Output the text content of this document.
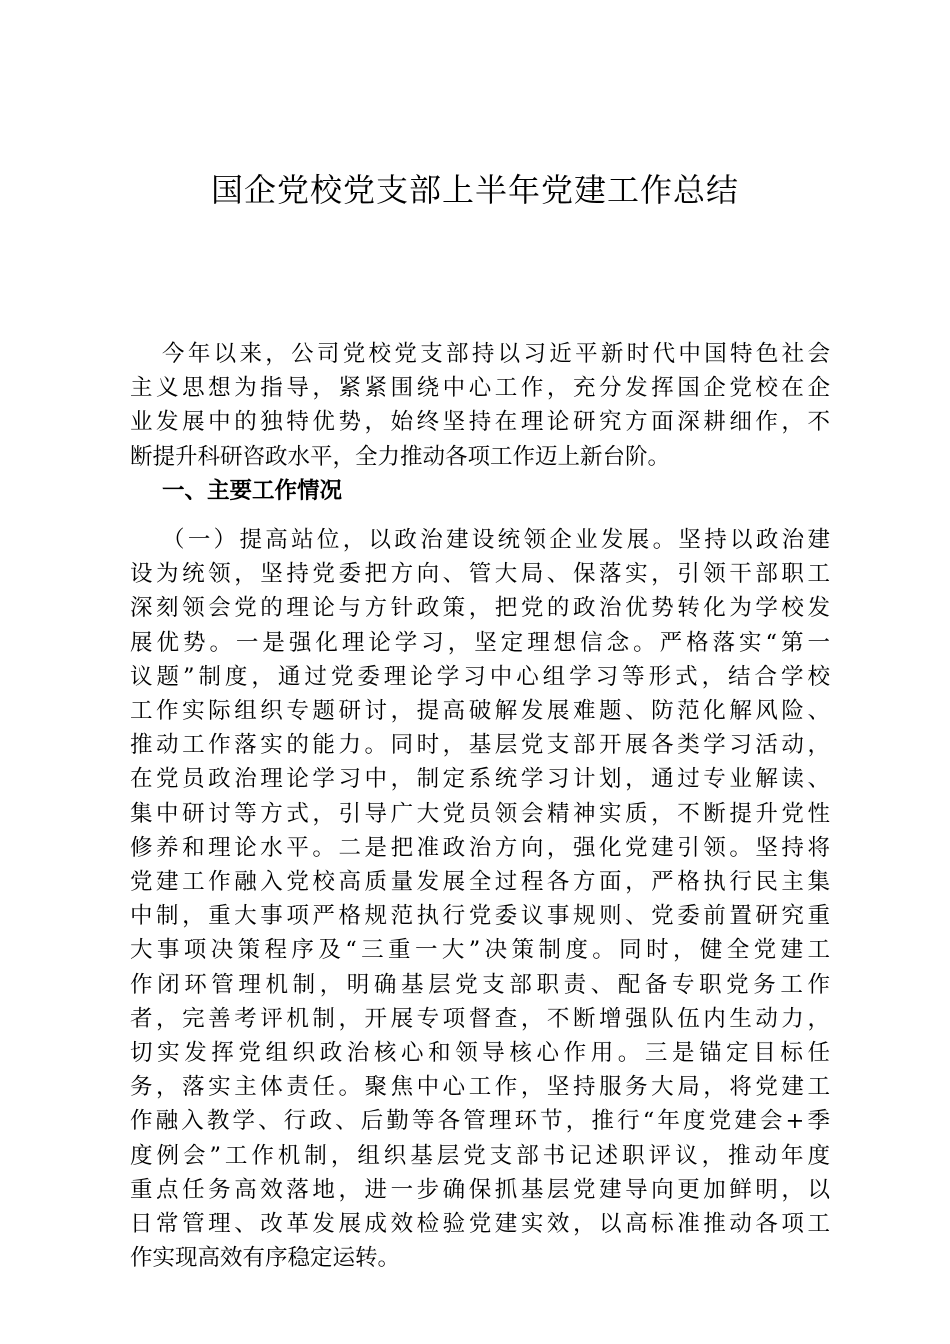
国企党校党支部上半年党建工作总结
今年以来，公司党校党支部持以习近平新时代中国特色社会
主义思想为指导，紧紧围绕中心工作，充分发挥国企党校在企
业发展中的独特优势，始终坚持在理论研究方面深耕细作，不
断提升科研咨政水平，全力推动各项工作迈上新台阶。
一、主要工作情况
（一）提高站位，以政治建设统领企业发展。坚持以政治建
设为统领，坚持党委把方向、管大局、保落实，引领干部职工
深刻领会党的理论与方针政策，把党的政治优势转化为学校发
展优势。一是强化理论学习，坚定理想信念。严格落实“第一
议题”制度，通过党委理论学习中心组学习等形式，结合学校
工作实际组织专题研讨，提高破解发展难题、防范化解风险、
推动工作落实的能力。同时，基层党支部开展各类学习活动，
在党员政治理论学习中，制定系统学习计划，通过专业解读、
集中研讨等方式，引导广大党员领会精神实质，不断提升党性
修养和理论水平。二是把准政治方向，强化党建引领。坚持将
党建工作融入党校高质量发展全过程各方面，严格执行民主集
中制，重大事项严格规范执行党委议事规则、党委前置研究重
大事项决策程序及“三重一大”决策制度。同时，健全党建工
作闭环管理机制，明确基层党支部职责、配备专职党务工作
者，完善考评机制，开展专项督查，不断增强队伍内生动力，
切实发挥党组织政治核心和领导核心作用。三是锚定目标任
务，落实主体责任。聚焦中心工作，坚持服务大局，将党建工
作融入教学、行政、后勤等各管理环节，推行“年度党建会+季
度例会”工作机制，组织基层党支部书记述职评议，推动年度
重点任务高效落地，进一步确保抓基层党建导向更加鲜明，以
日常管理、改革发展成效检验党建实效，以高标准推动各项工
作实现高效有序稳定运转。
